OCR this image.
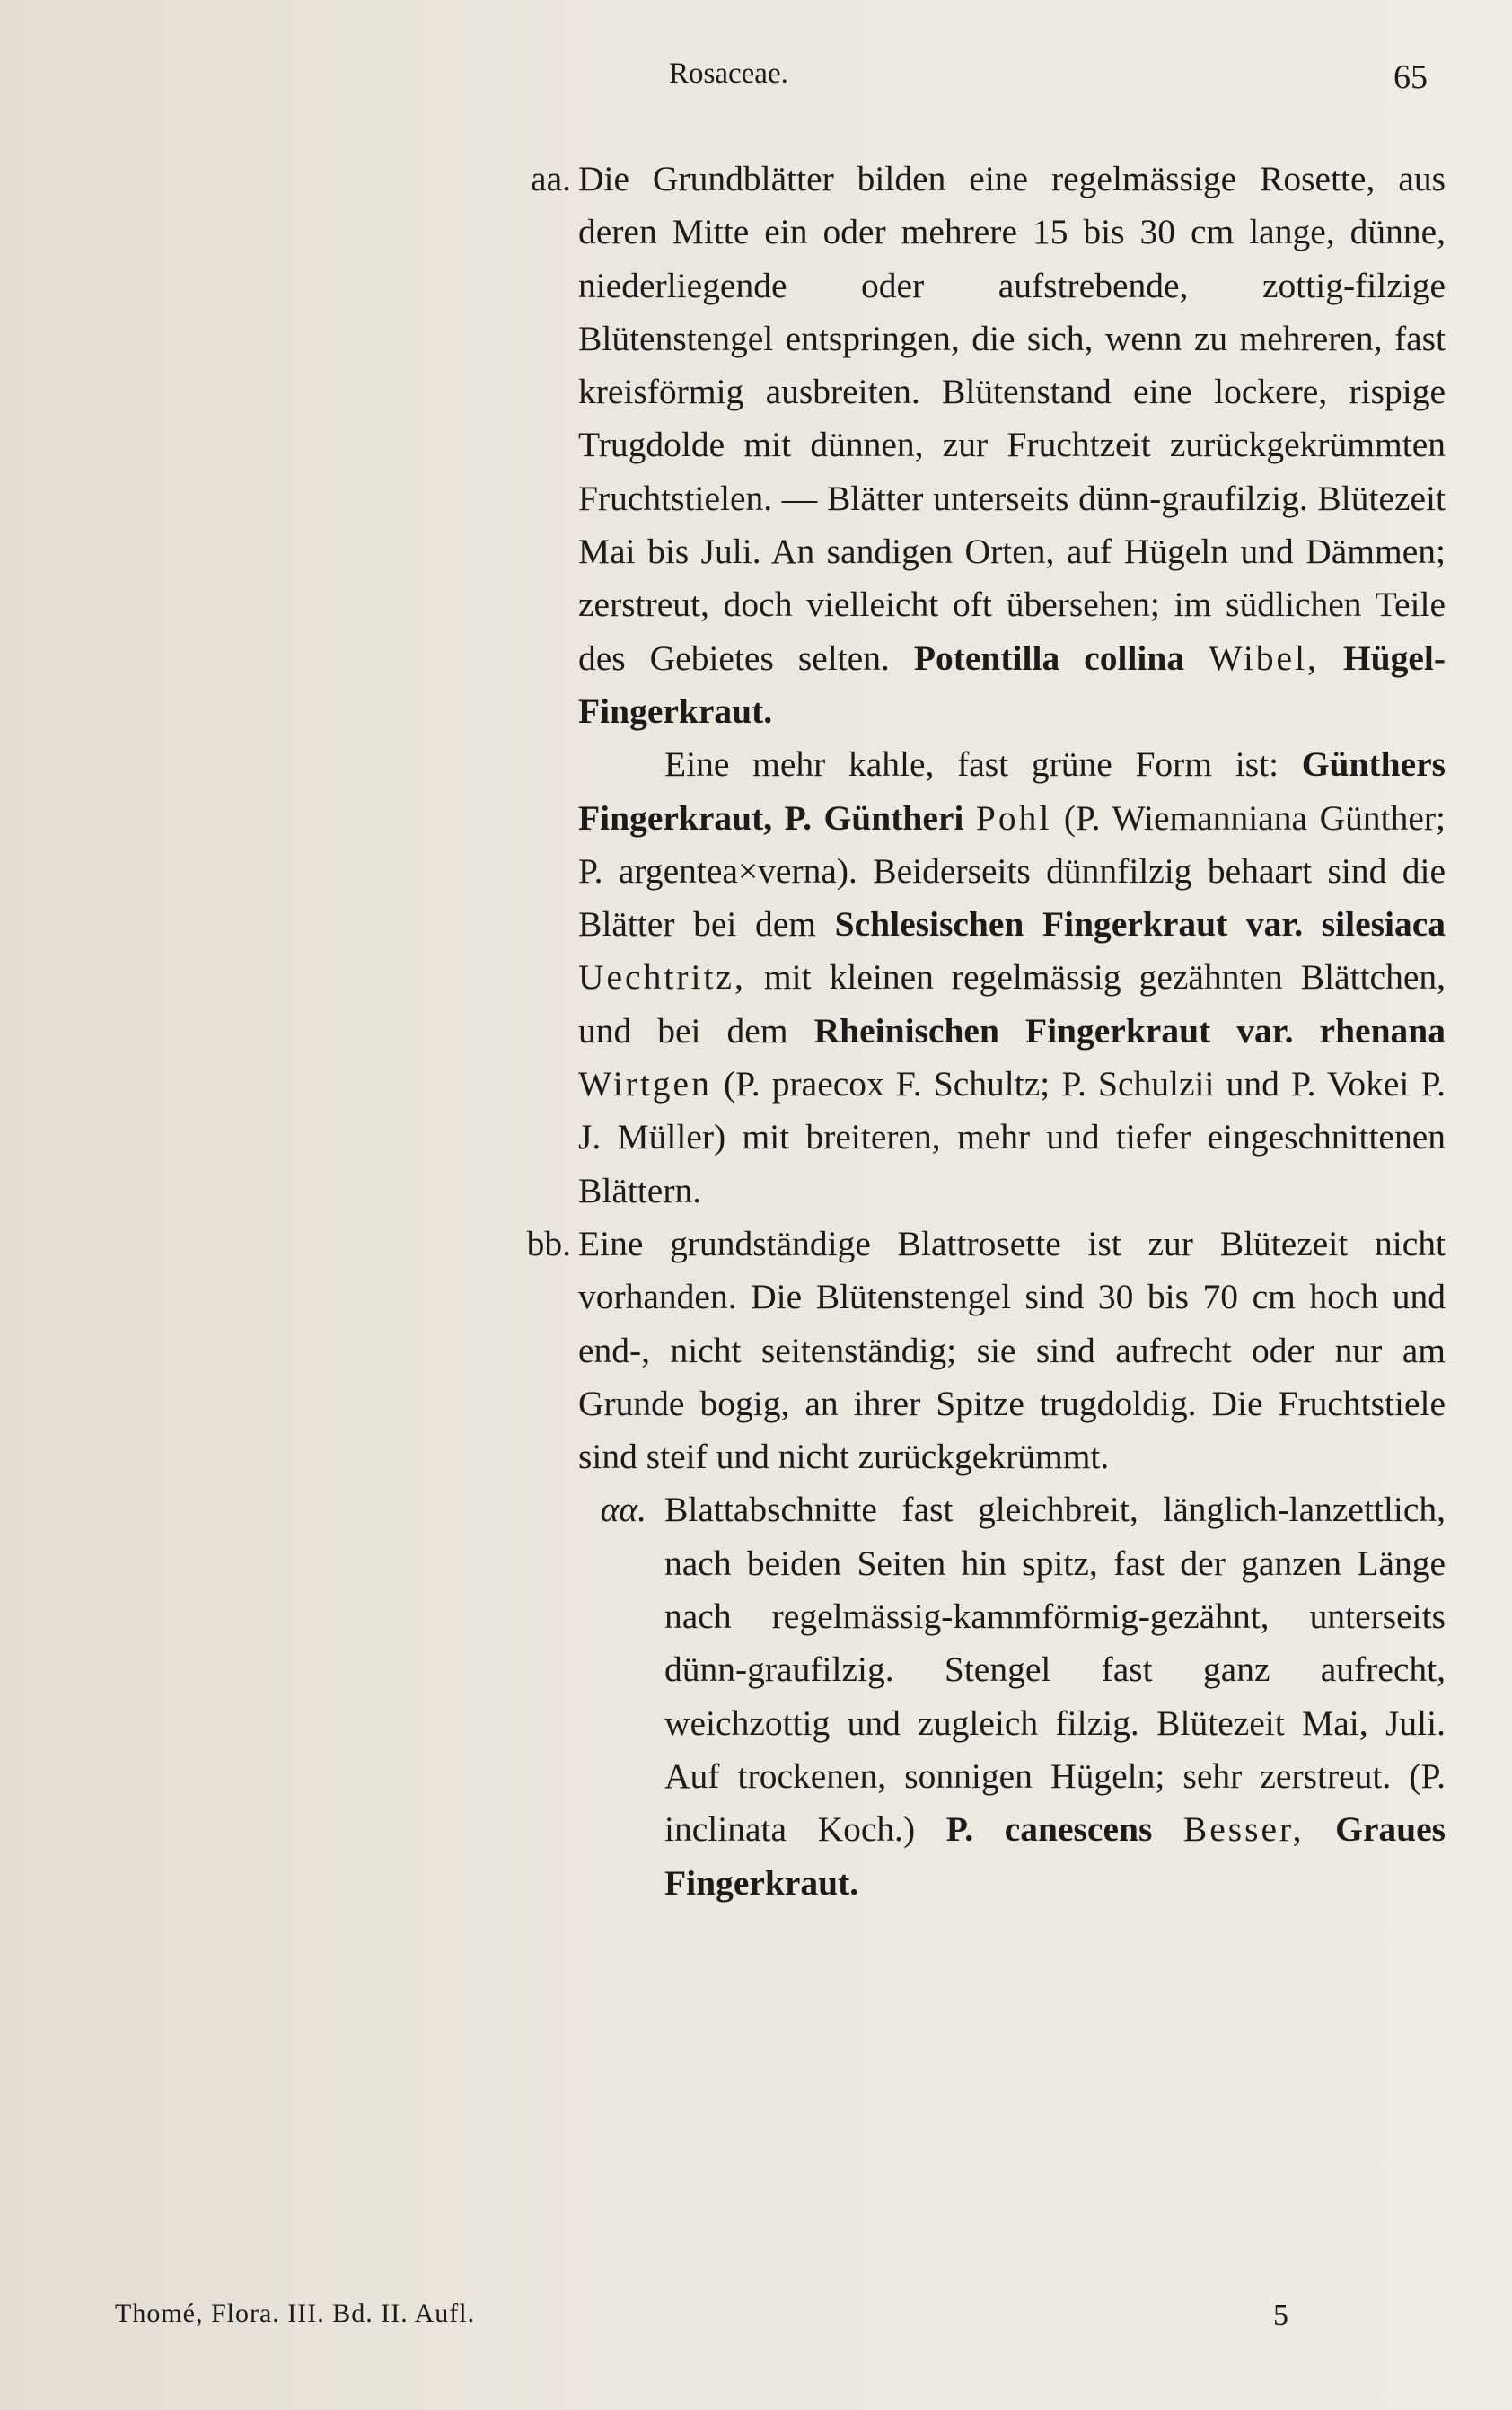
Rosaceae.	65
aa. Die Grundblätter bilden eine regelmässige Rosette, aus deren Mitte ein oder mehrere 15 bis 30 cm lange, dünne, niederliegende oder aufstrebende, zottig-filzige Blütenstengel entspringen, die sich, wenn zu mehreren, fast kreisförmig ausbreiten. Blütenstand eine lockere, rispige Trugdolde mit dünnen, zur Fruchtzeit zurückgekrümmten Fruchtstielen. — Blätter unterseits dünn-graufilzig. Blütezeit Mai bis Juli. An sandigen Orten, auf Hügeln und Dämmen; zerstreut, doch vielleicht oft übersehen; im südlichen Teile des Gebietes selten. Potentilla collina Wibel, Hügel-Fingerkraut.

Eine mehr kahle, fast grüne Form ist: Günthers Fingerkraut, P. Güntheri Pohl (P. Wiemanniana Günther; P. argentea×verna). Beiderseits dünnfilzig behaart sind die Blätter bei dem Schlesischen Fingerkraut var. silesiaca Uechtritz, mit kleinen regelmässig gezähnten Blättchen, und bei dem Rheinischen Fingerkraut var. rhenana Wirtgen (P. praecox F. Schultz; P. Schulzii und P. Vokei P. J. Müller) mit breiteren, mehr und tiefer eingeschnittenen Blättern.

bb. Eine grundständige Blattrosette ist zur Blütezeit nicht vorhanden. Die Blütenstengel sind 30 bis 70 cm hoch und end-, nicht seitenständig; sie sind aufrecht oder nur am Grunde bogig, an ihrer Spitze trugdoldig. Die Fruchtstiele sind steif und nicht zurückgekrümmt.

αα. Blattabschnitte fast gleichbreit, länglich-lanzettlich, nach beiden Seiten hin spitz, fast der ganzen Länge nach regelmässig-kammförmig-gezähnt, unterseits dünn-graufilzig. Stengel fast ganz aufrecht, weichzottig und zugleich filzig. Blütezeit Mai, Juli. Auf trockenen, sonnigen Hügeln; sehr zerstreut. (P. inclinata Koch.) P. canescens Besser, Graues Fingerkraut.

Thomé, Flora. III. Bd. II. Aufl.	5
